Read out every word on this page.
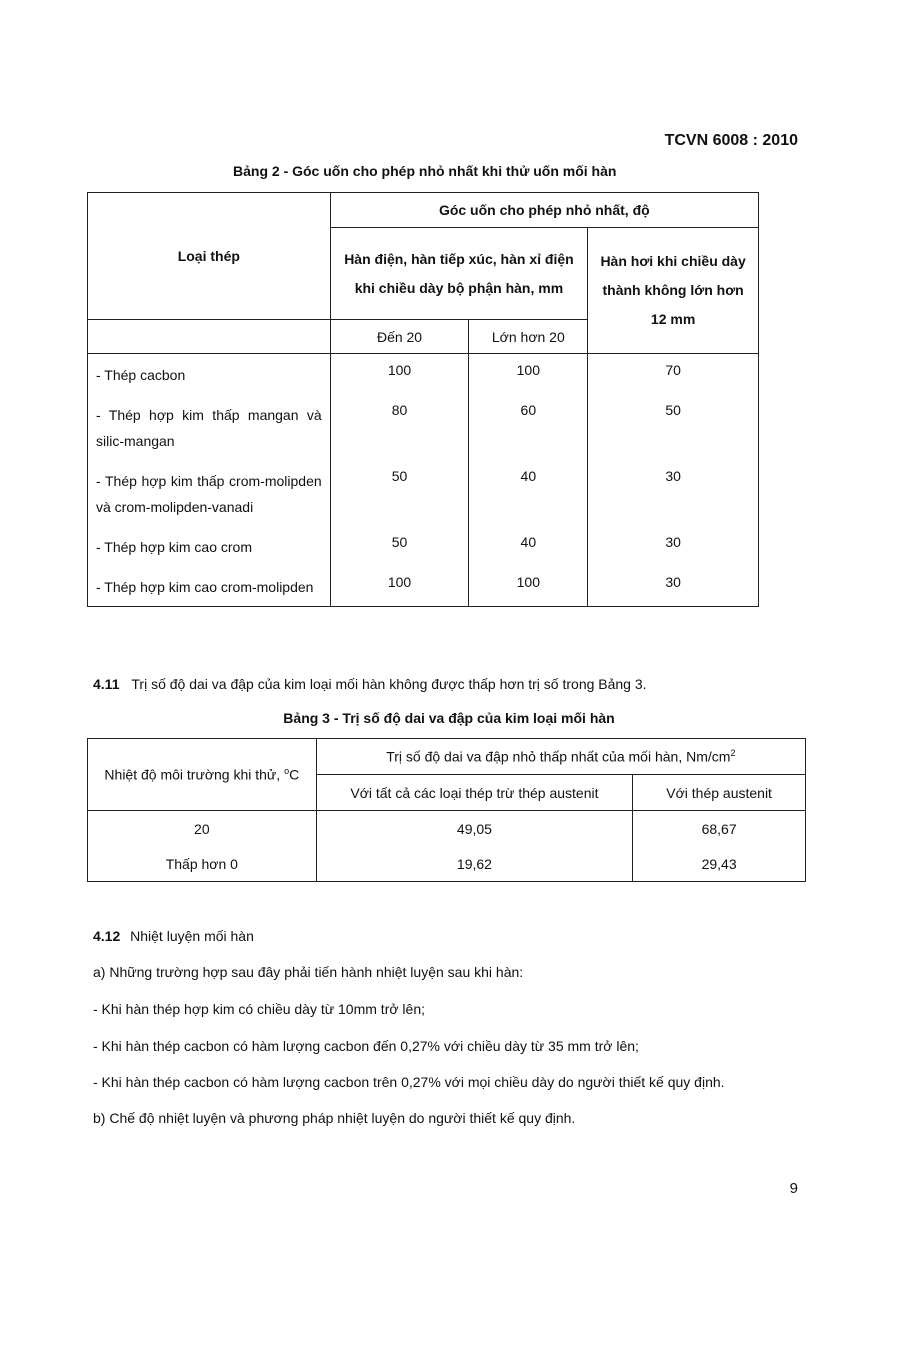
TCVN 6008 : 2010
Bảng 2 - Góc uốn cho phép nhỏ nhất khi thử uốn mối hàn
Loại thép	Góc uốn cho phép nhỏ nhất, độ		
	Hàn điện, hàn tiếp xúc, hàn xỉ điện khi chiều dày bộ phận hàn, mm		Hàn hơi khi chiều dày thành không lớn hơn 12 mm
	Đến 20	Lớn hơn 20	
- Thép cacbon	100	100	70
- Thép hợp kim thấp mangan và silic-mangan	80	60	50
- Thép hợp kim thấp crom-molipden và crom-molipden-vanadi	50	40	30
- Thép hợp kim cao crom	50	40	30
- Thép hợp kim cao crom-molipden	100	100	30
4.11 Trị số độ dai va đập của kim loại mối hàn không được thấp hơn trị số trong Bảng 3.
Bảng 3 - Trị số độ dai va đập của kim loại mối hàn
Nhiệt độ môi trường khi thử, $^o$C	Trị số độ dai va đập nhỏ thấp nhất của mối hàn, $Nm/cm^2$
	Với tất cả các loại thép trừ thép austenit	Với thép austenit
20	49,05	68,67
Thấp hơn 0	19,62	29,43
4.12 Nhiệt luyện mối hàn
a) Những trường hợp sau đây phải tiến hành nhiệt luyện sau khi hàn:
- Khi hàn thép hợp kim có chiều dày từ 10mm trở lên;
- Khi hàn thép cacbon có hàm lượng cacbon đến 0,27% với chiều dày từ 35 mm trở lên;
- Khi hàn thép cacbon có hàm lượng cacbon trên 0,27% với mọi chiều dày do người thiết kế quy định.
b) Chế độ nhiệt luyện và phương pháp nhiệt luyện do người thiết kế quy định.
9
